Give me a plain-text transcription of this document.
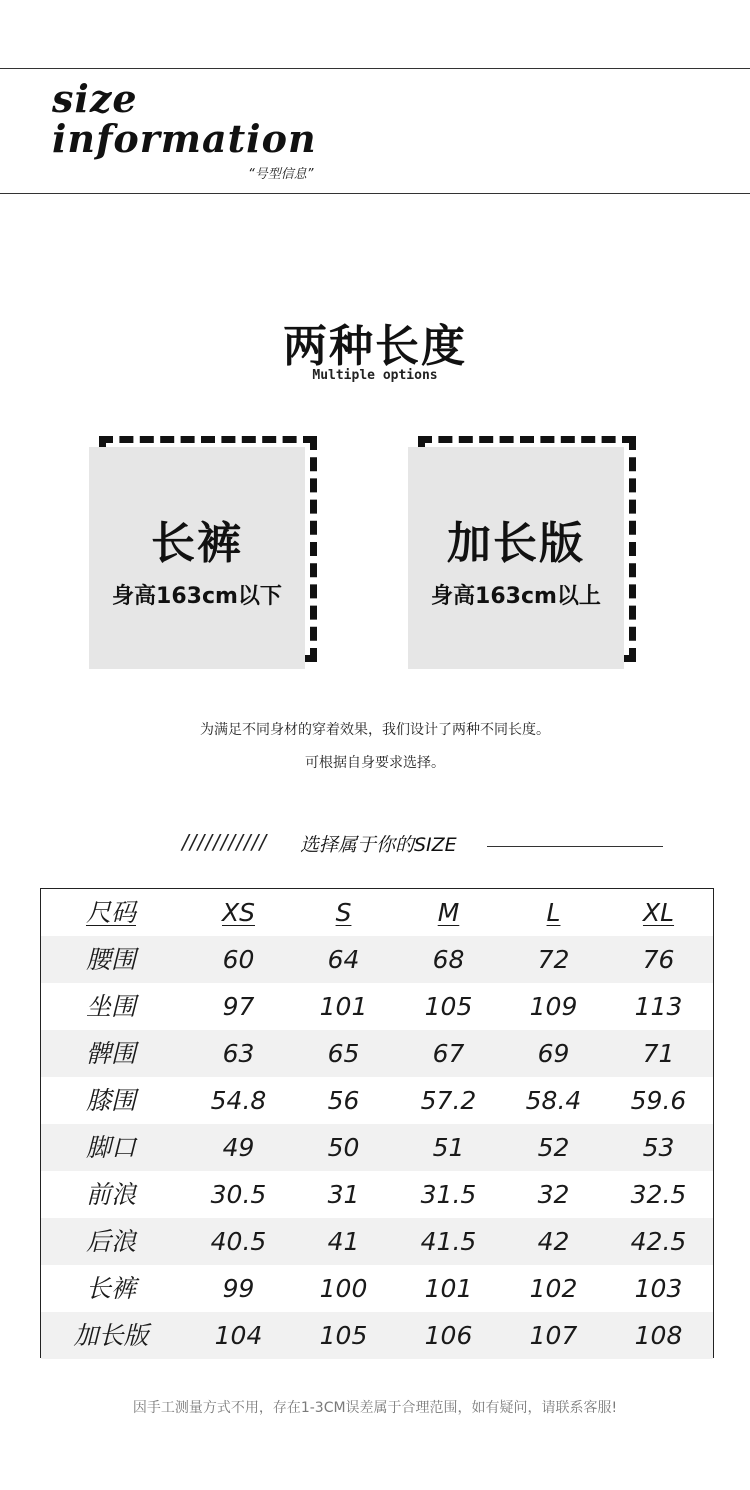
size
information
“号型信息”
两种长度
Multiple options
长裤
身高163cm以下
加长版
身高163cm以上
为满足不同身材的穿着效果，我们设计了两种不同长度。
可根据自身要求选择。
/////////// 选择属于你的SIZE
尺码	XS	S	M	L	XL
腰围	60	64	68	72	76
坐围	97	101	105	109	113
髀围	63	65	67	69	71
膝围	54.8	56	57.2	58.4	59.6
脚口	49	50	51	52	53
前浪	30.5	31	31.5	32	32.5
后浪	40.5	41	41.5	42	42.5
长裤	99	100	101	102	103
加长版	104	105	106	107	108
因手工测量方式不用，存在1-3CM误差属于合理范围，如有疑问，请联系客服!
